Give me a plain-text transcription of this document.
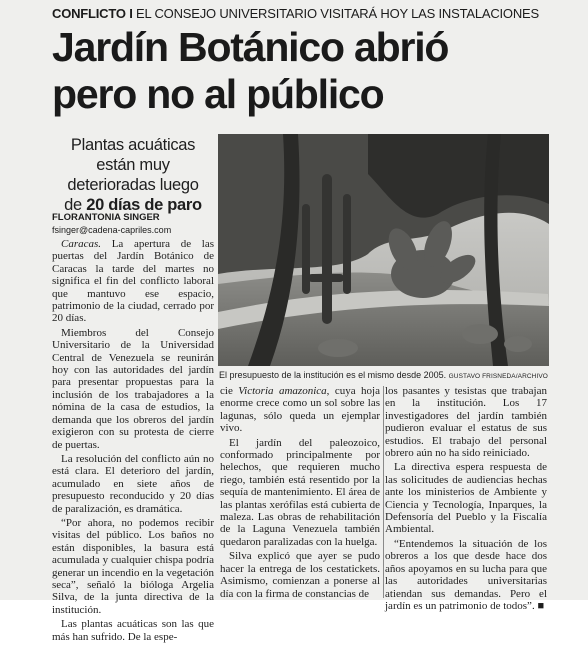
CONFLICTO I EL CONSEJO UNIVERSITARIO VISITARÁ HOY LAS INSTALACIONES
Jardín Botánico abrió
pero no al público
Plantas acuáticas
están muy
deterioradas luego
de 20 días de paro
FLORANTONIA SINGER
fsinger@cadena-capriles.com

Caracas. La apertura de las puertas del Jardín Botánico de Caracas la tarde del martes no significa el fin del conflicto laboral que mantuvo ese espacio, patrimonio de la ciudad, cerrado por 20 días.

Miembros del Consejo Universitario de la Universidad Central de Venezuela se reunirán hoy con las autoridades del jardín para presentar propuestas para la inclusión de los trabajadores a la nómina de la casa de estudios, la demanda que los obreros del jardín exigieron con su protesta de cierre de puertas.

La resolución del conflicto aún no está clara. El deterioro del jardín, acumulado en siete años de presupuesto reconducido y 20 días de paralización, es dramática.

“Por ahora, no podemos recibir visitas del público. Los baños no están disponibles, la basura está acumulada y cualquier chispa podría generar un incendio en la vegetación seca”, señaló la bióloga Argelia Silva, de la junta directiva de la institución.

Las plantas acuáticas son las que más han sufrido. De la espe-

El presupuesto de la institución es el mismo desde 2005. GUSTAVO FRISNEDA/ARCHIVO

cie Victoria amazonica, cuya hoja enorme crece como un sol sobre las lagunas, sólo queda un ejemplar vivo.

El jardín del paleozoico, conformado principalmente por helechos, que requieren mucho riego, también está resentido por la sequía de mantenimiento. El área de las plantas xerófilas está cubierta de maleza. Las obras de rehabilitación de la Laguna Venezuela también quedaron paralizadas con la huelga.

Silva explicó que ayer se pudo hacer la entrega de los cestatickets. Asimismo, comienzan a ponerse al día con la firma de constancias de

los pasantes y tesistas que trabajan en la institución. Los 17 investigadores del jardín también pudieron evaluar el estatus de sus estudios. El trabajo del personal obrero aún no ha sido reiniciado.

La directiva espera respuesta de las solicitudes de audiencias hechas ante los ministerios de Ambiente y Ciencia y Tecnología, Inparques, la Defensoría del Pueblo y la Fiscalía Ambiental.

“Entendemos la situación de los obreros a los que desde hace dos años apoyamos en su lucha para que las autoridades universitarias atiendan sus demandas. Pero el jardín es un patrimonio de todos”. ■
